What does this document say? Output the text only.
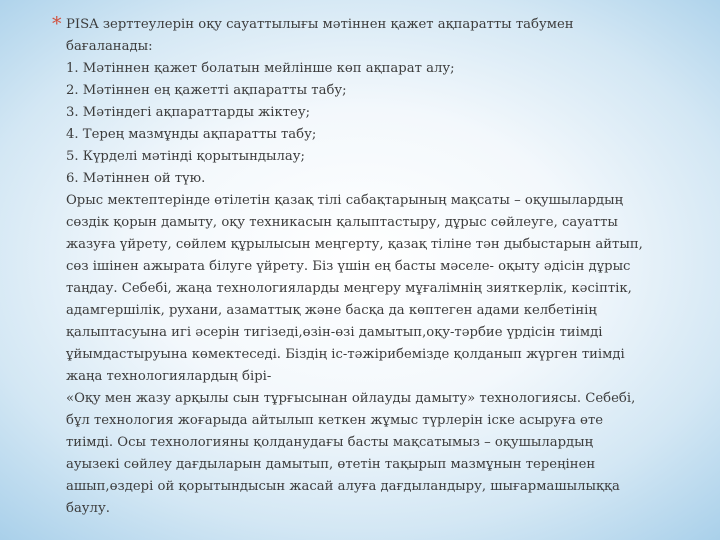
* PISA зерттеулерін оқу сауаттылығы мәтіннен қажет ақпаратты табумен
бағаланады:
1. Мәтіннен қажет болатын мейлінше көп ақпарат алу;
2. Мәтіннен ең қажетті ақпаратты табу;
3. Мәтіндегі ақпараттарды жіктеу;
4. Терең мазмұнды ақпаратты табу;
5. Күрделі мәтінді қорытындылау;
6. Мәтіннен ой түю.
Орыс мектептерінде өтілетін қазақ тілі сабақтарының мақсаты – оқушылардың
сөздік қорын дамыту, оқу техникасын қалыптастыру, дұрыс сөйлеуге, сауатты
жазуға үйрету, сөйлем құрылысын меңгерту, қазақ тіліне тән дыбыстарын айтып,
сөз ішінен ажырата білуге үйрету. Біз үшін ең басты мәселе- оқыту әдісін дұрыс
таңдау. Себебі, жаңа технологияларды меңгеру мұғалімнің зияткерлік, кәсіптік,
адамгершілік, рухани, азаматтық және басқа да көптеген адами келбетінің
қалыптасуына игі әсерін тигізеді,өзін-өзі дамытып,оқу-тәрбие үрдісін тиімді
ұйымдастыруына көмектеседі. Біздің іс-тәжірибемізде қолданып жүрген тиімді
жаңа технологиялардың бірі-
«Оқу мен жазу арқылы сын тұрғысынан ойлауды дамыту» технологиясы. Себебі,
бұл технология жоғарыда айтылып кеткен жұмыс түрлерін іске асыруға өте
тиімді. Осы технологияны қолданудағы басты мақсатымыз – оқушылардың
ауызекі сөйлеу дағдыларын дамытып, өтетін тақырып мазмұнын тереңінен
ашып,өздері ой қорытындысын жасай алуға дағдыландыру, шығармашылыққа
баулу.
